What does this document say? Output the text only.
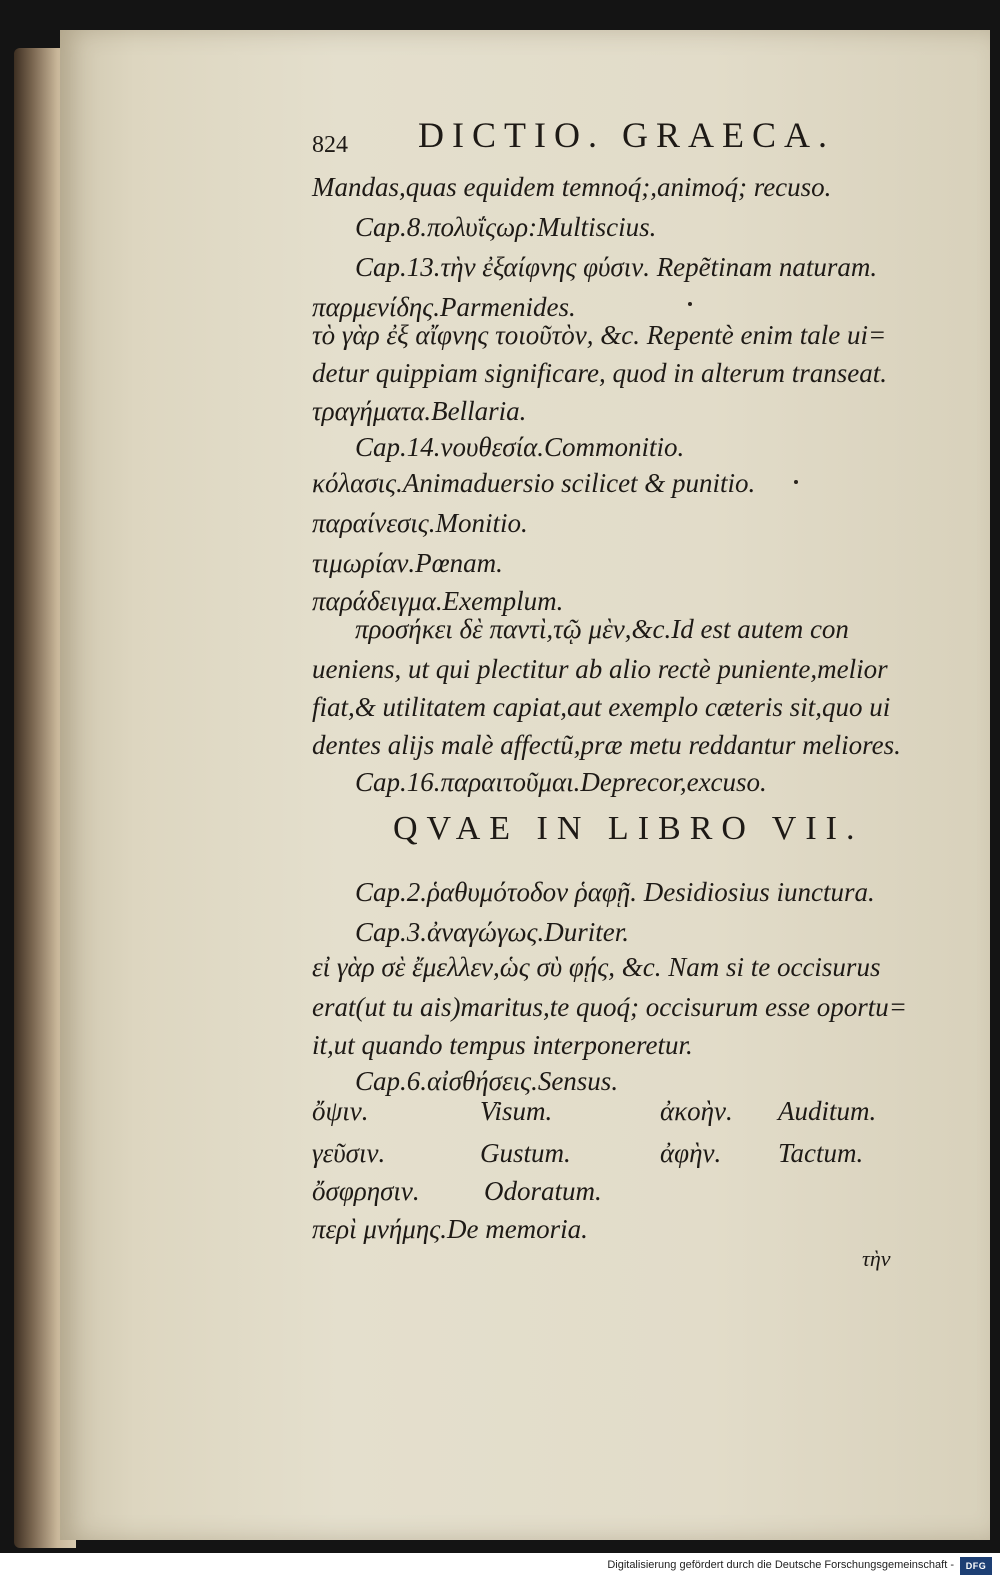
824 DICTIO. GRAECA.
Mandas,quas equidem temnoq́;,animoq́; recuso.
Cap.8.πολυΐςωρ:Multiscius.
Cap.13.τὴν ἐξαίφνης φύσιν. Repẽtinam naturam.
παρμενίδης.Parmenides.
τὸ γὰρ ἐξ αἴφνης τοιοῦτὸν, &c. Repentè enim tale ui=
detur quippiam significare, quod in alterum transeat.
τραγήματα.Bellaria.
Cap.14.νουθεσία.Commonitio.
κόλασις.Animaduersio scilicet & punitio.
παραίνεσις.Monitio.
τιμωρίαν.Pœnam.
παράδειγμα.Exemplum.
προσήκει δὲ παντὶ,τῷ μὲν,&c.Id est autem con
ueniens, ut qui plectitur ab alio rectè puniente,melior
fiat,& utilitatem capiat,aut exemplo cæteris sit,quo ui
dentes alijs malè affectũ,præ metu reddantur meliores.
Cap.16.παραιτοῦμαι.Deprecor,excuso.
QVAE IN LIBRO VII.
Cap.2.ῥαθυμότοδον ῥαφῇ. Desidiosius iunctura.
Cap.3.ἀναγώγως.Duriter.
εἰ γὰρ σὲ ἔμελλεν,ὡς σὺ φῄς, &c. Nam si te occisurus
erat(ut tu ais)maritus,te quoq́; occisurum esse oportu=
it,ut quando tempus interponeretur.
Cap.6.αἰσθήσεις.Sensus.
ὄψιν.	Visum.	ἀκοὴν. Auditum.
γεῦσιν.	Gustum.	ἀφὴν. Tactum.
ὄσφρησιν. Odoratum.
περὶ μνήμης.De memoria.
τὴν
Digitalisierung gefördert durch die Deutsche Forschungsgemeinschaft -	DFG
